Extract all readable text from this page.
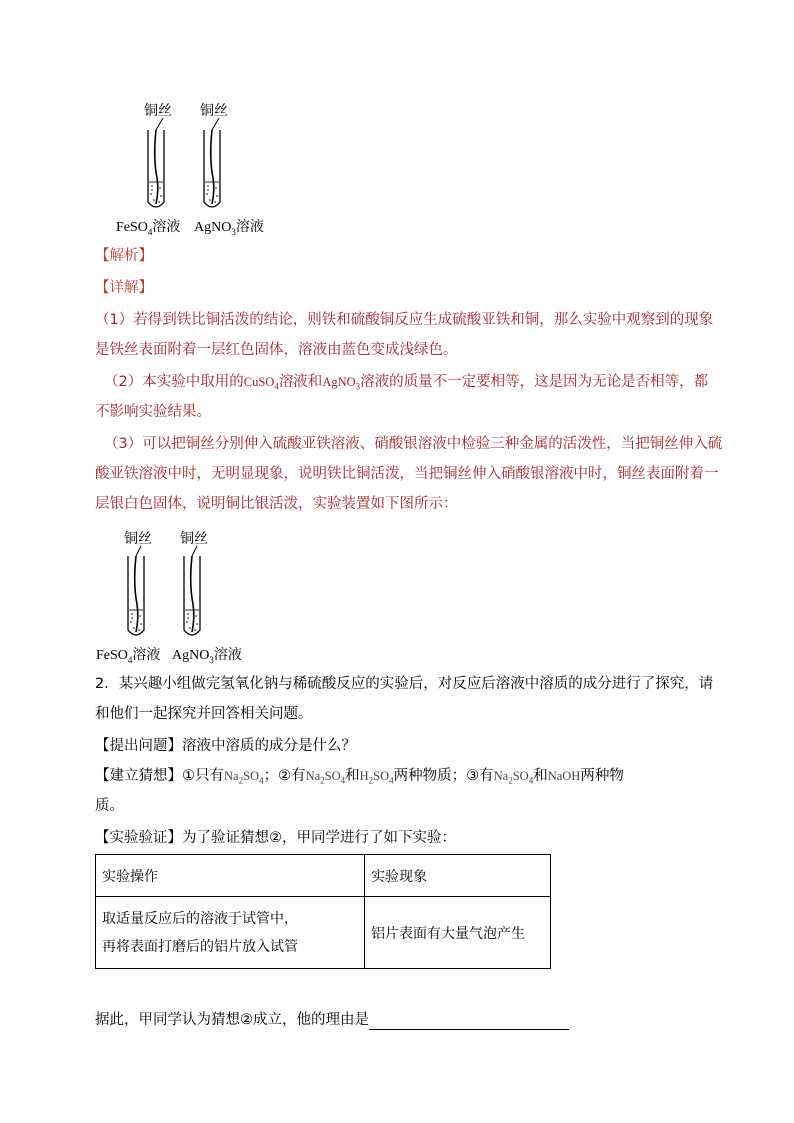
铜丝 铜丝
FeSO$_4$溶液 AgNO$_3$溶液
【解析】
【详解】
（1）若得到铁比铜活泼的结论，则铁和硫酸铜反应生成硫酸亚铁和铜，那么实验中观察到的现象
是铁丝表面附着一层红色固体，溶液由蓝色变成浅绿色。
（2）本实验中取用的CuSO$_4$溶液和AgNO$_3$溶液的质量不一定要相等，这是因为无论是否相等，都
不影响实验结果。
（3）可以把铜丝分别伸入硫酸亚铁溶液、硝酸银溶液中检验三种金属的活泼性，当把铜丝伸入硫
酸亚铁溶液中时，无明显现象，说明铁比铜活泼，当把铜丝伸入硝酸银溶液中时，铜丝表面附着一
层银白色固体，说明铜比银活泼，实验装置如下图所示：
铜丝 铜丝
FeSO$_4$溶液 AgNO$_3$溶液
2．某兴趣小组做完氢氧化钠与稀硫酸反应的实验后，对反应后溶液中溶质的成分进行了探究，请
和他们一起探究并回答相关问题。
【提出问题】溶液中溶质的成分是什么？
【建立猜想】①只有$Na_2SO_4$；②有$Na_2SO_4$和$H_2SO_4$两种物质；③有$Na_2SO_4$和NaOH两种物
质。
【实验验证】为了验证猜想②，甲同学进行了如下实验：
实验操作	实验现象

取适量反应后的溶液于试管中，
再将表面打磨后的铝片放入试管	铝片表面有大量气泡产生
据此，甲同学认为猜想②成立，他的理由是
